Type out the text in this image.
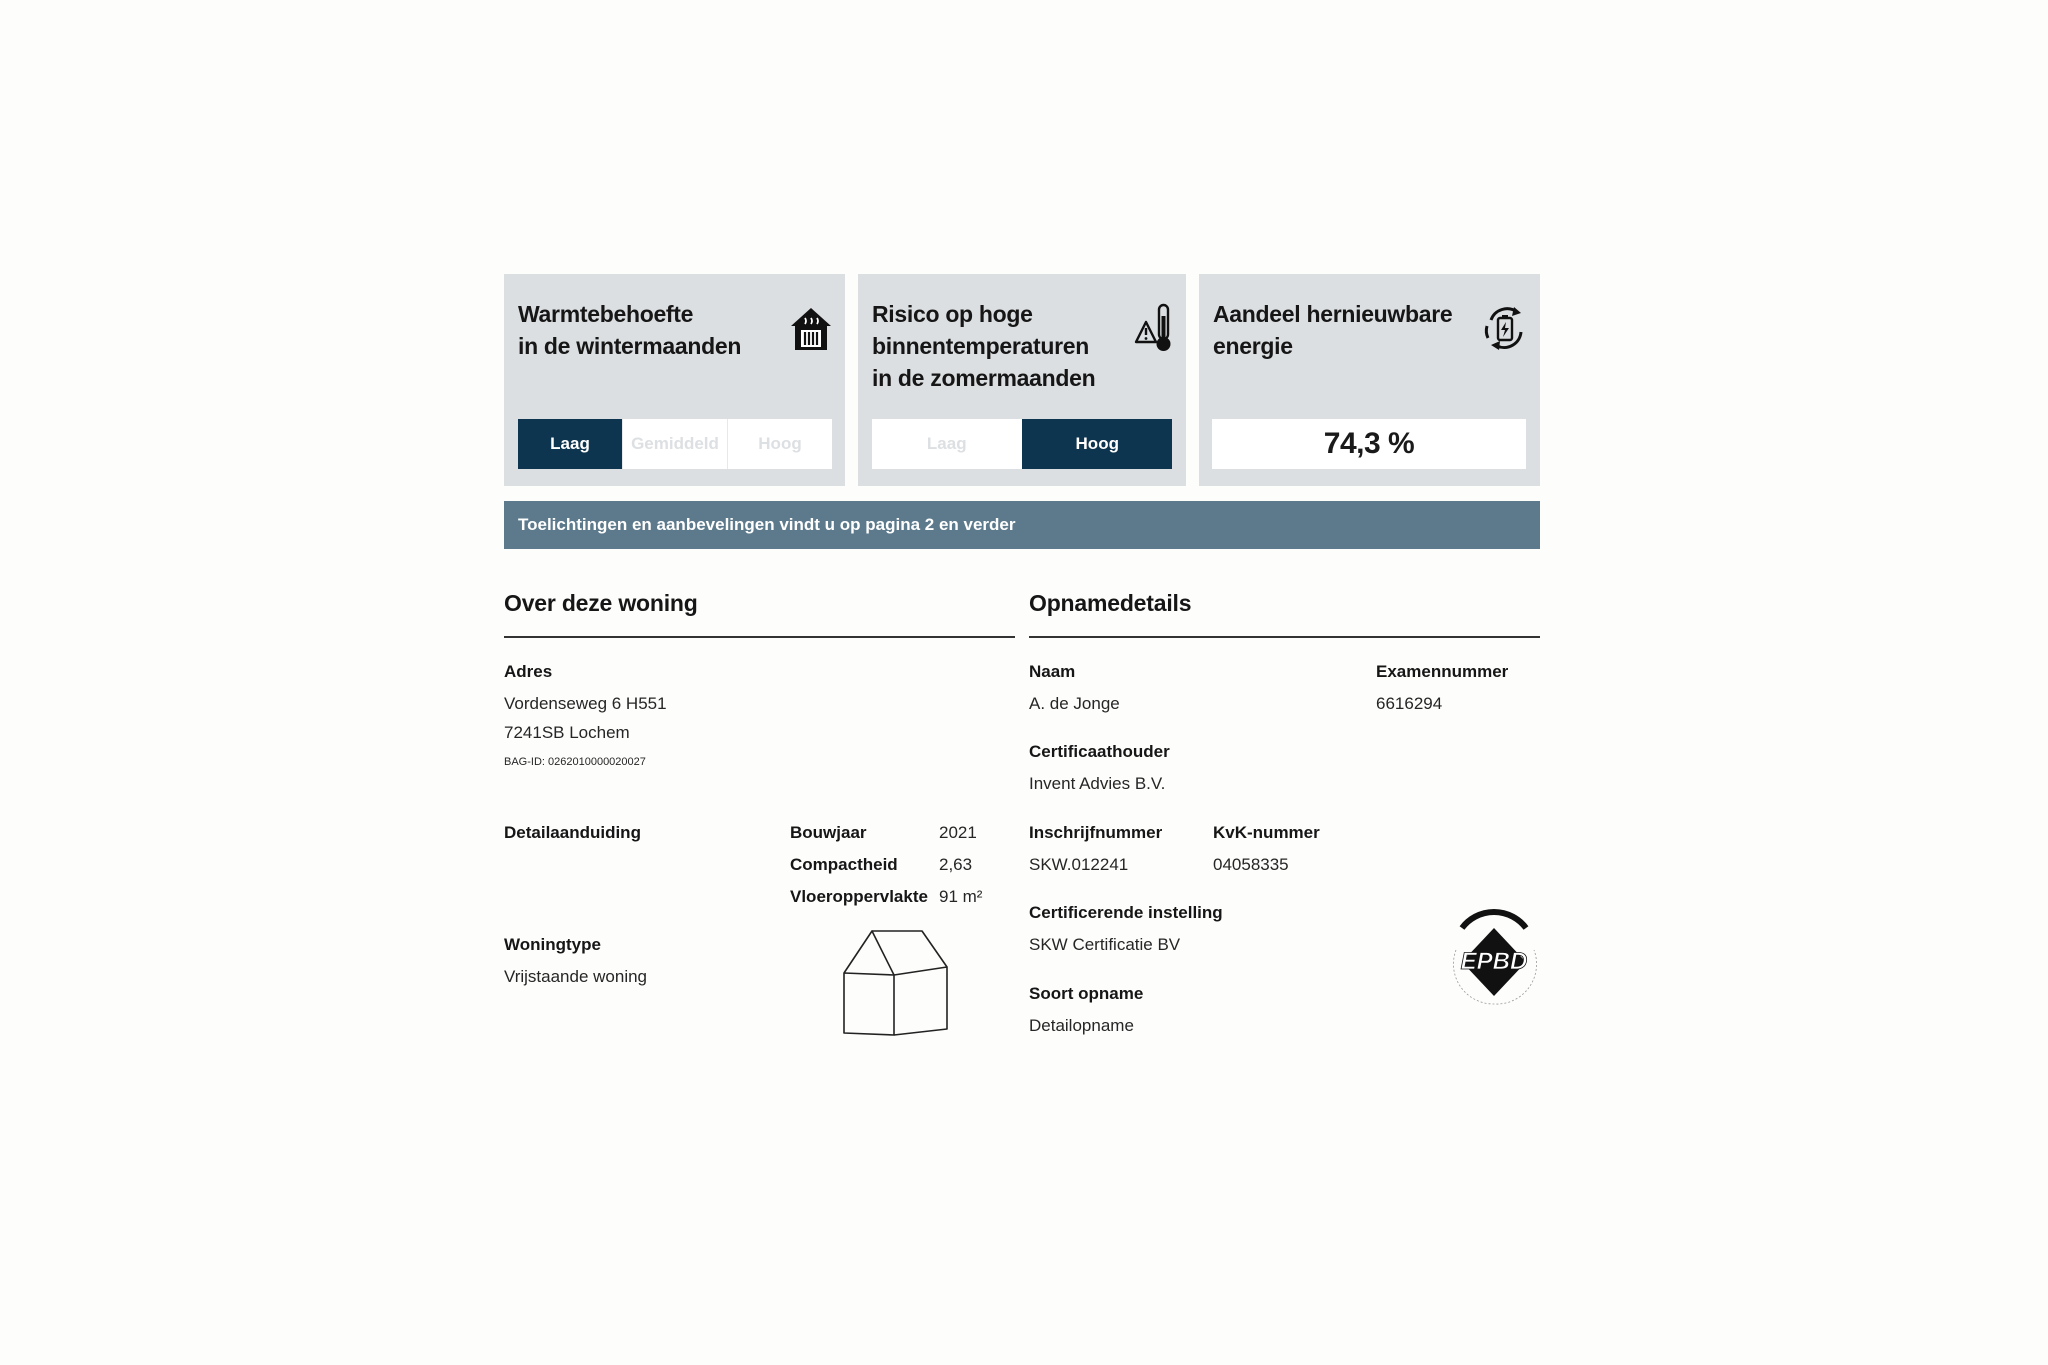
Warmtebehoefte
in de wintermaanden
Laag	Gemiddeld	Hoog
Risico op hoge
binnentemperaturen
in de zomermaanden
Laag	Hoog
Aandeel hernieuwbare
energie
74,3 %
Toelichtingen en aanbevelingen vindt u op pagina 2 en verder
Over deze woning
Adres
Vordenseweg 6 H551
7241SB Lochem
BAG-ID: 0262010000020027
Detailaanduiding	Bouwjaar	2021
Compactheid 2,63
Vloeroppervlakte 91 m²
Woningtype
Vrijstaande woning
Opnamedetails
Naam
A. de Jonge
Examennummer
6616294
Certificaathouder
Invent Advies B.V.
Inschrijfnummer
SKW.012241
KvK-nummer
04058335
Certificerende instelling
SKW Certificatie BV
Soort opname
Detailopname
EPBD
